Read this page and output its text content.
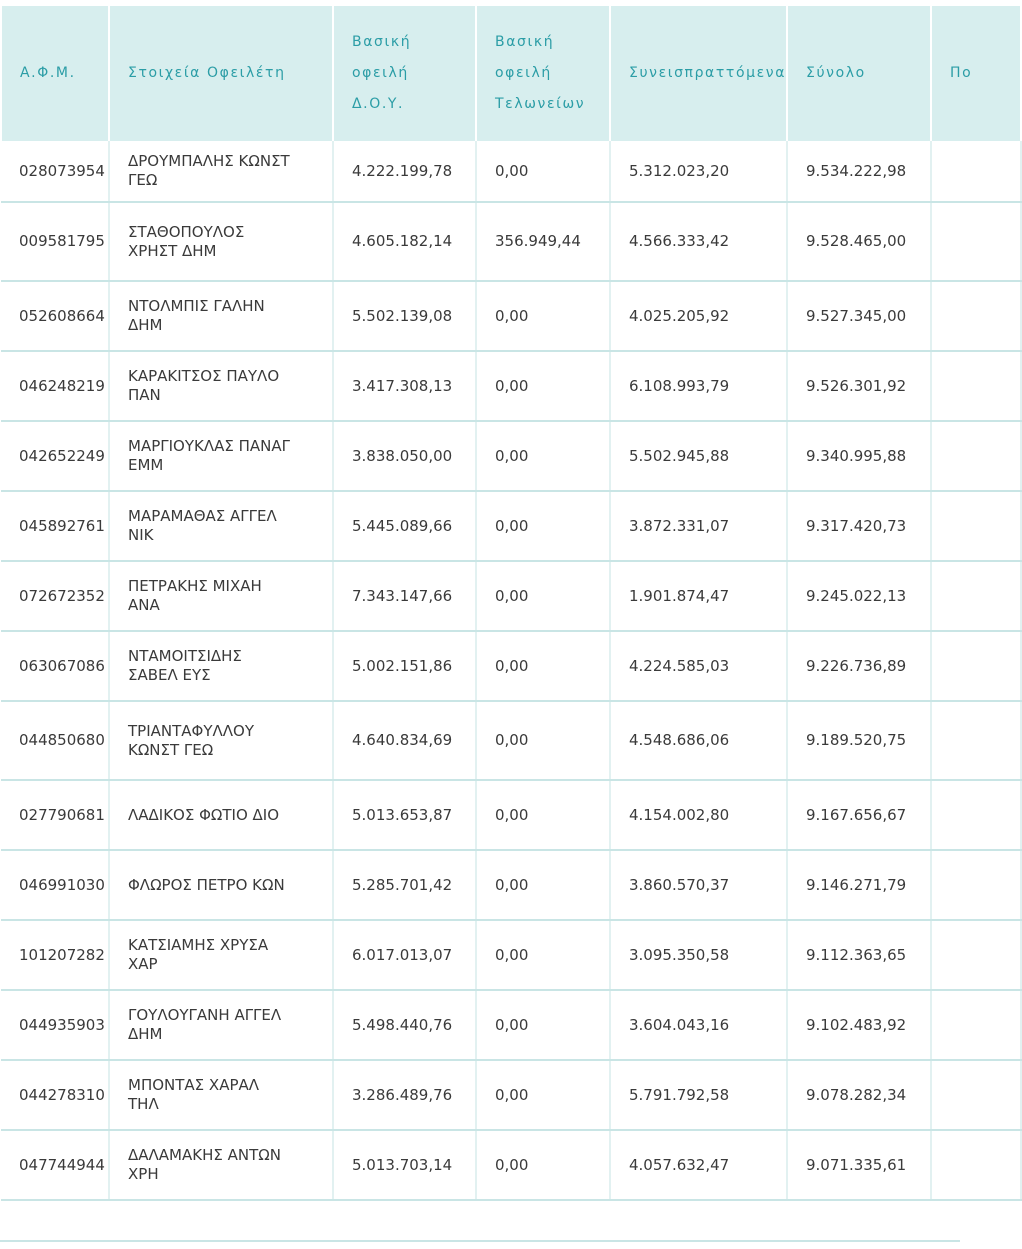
Α.Φ.Μ.	Στοιχεία Οφειλέτη	Βασική
οφειλή
Δ.Ο.Υ.	Βασική
οφειλή
Τελωνείων	Συνεισπραττόμενα	Σύνολο	Πο

028073954	ΔΡΟΥΜΠΑΛΗΣ ΚΩΝΣΤ ΓΕΩ	4.222.199,78	0,00	5.312.023,20	9.534.222,98	
009581795	ΣΤΑΘΟΠΟΥΛΟΣ ΧΡΗΣΤ ΔΗΜ	4.605.182,14	356.949,44	4.566.333,42	9.528.465,00	
052608664	ΝΤΟΛΜΠΙΣ ΓΑΛΗΝ ΔΗΜ	5.502.139,08	0,00	4.025.205,92	9.527.345,00	
046248219	ΚΑΡΑΚΙΤΣΟΣ ΠΑΥΛΟ ΠΑΝ	3.417.308,13	0,00	6.108.993,79	9.526.301,92	
042652249	ΜΑΡΓΙΟΥΚΛΑΣ ΠΑΝΑΓ ΕΜΜ	3.838.050,00	0,00	5.502.945,88	9.340.995,88	
045892761	ΜΑΡΑΜΑΘΑΣ ΑΓΓΕΛ ΝΙΚ	5.445.089,66	0,00	3.872.331,07	9.317.420,73	
072672352	ΠΕΤΡΑΚΗΣ ΜΙΧΑΗ ΑΝΑ	7.343.147,66	0,00	1.901.874,47	9.245.022,13	
063067086	ΝΤΑΜΟΙΤΣΙΔΗΣ ΣΑΒΕΛ ΕΥΣ	5.002.151,86	0,00	4.224.585,03	9.226.736,89	
044850680	ΤΡΙΑΝΤΑΦΥΛΛΟΥ ΚΩΝΣΤ ΓΕΩ	4.640.834,69	0,00	4.548.686,06	9.189.520,75	
027790681	ΛΑΔΙΚΟΣ ΦΩΤΙΟ ΔΙΟ	5.013.653,87	0,00	4.154.002,80	9.167.656,67	
046991030	ΦΛΩΡΟΣ ΠΕΤΡΟ ΚΩΝ	5.285.701,42	0,00	3.860.570,37	9.146.271,79	
101207282	ΚΑΤΣΙΑΜΗΣ ΧΡΥΣΑ ΧΑΡ	6.017.013,07	0,00	3.095.350,58	9.112.363,65	
044935903	ΓΟΥΛΟΥΓΑΝΗ ΑΓΓΕΛ ΔΗΜ	5.498.440,76	0,00	3.604.043,16	9.102.483,92	
044278310	ΜΠΟΝΤΑΣ ΧΑΡΑΛ ΤΗΛ	3.286.489,76	0,00	5.791.792,58	9.078.282,34	
047744944	ΔΑΛΑΜΑΚΗΣ ΑΝΤΩΝ ΧΡΗ	5.013.703,14	0,00	4.057.632,47	9.071.335,61	
